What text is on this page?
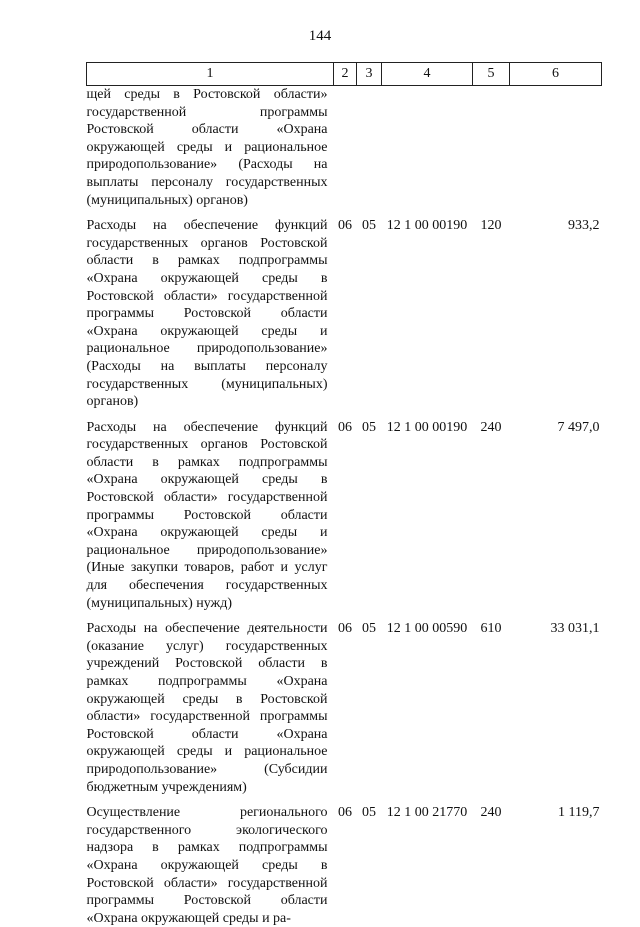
144
1	2	3	4	5	6
щей среды в Ростовской области» государственной программы Ростовской области «Охрана окружающей среды и рациональное природопользование» (Расходы на выплаты персоналу государственных (муниципальных) органов)					
Расходы на обеспечение функций государственных органов Ростовской области в рамках подпрограммы «Охрана окружающей среды в Ростовской области» государственной программы Ростовской области «Охрана окружающей среды и рациональное природопользование» (Расходы на выплаты персоналу государственных (муниципальных) органов)	06	05	12 1 00 00190	120	933,2
Расходы на обеспечение функций государственных органов Ростовской области в рамках подпрограммы «Охрана окружающей среды в Ростовской области» государственной программы Ростовской области «Охрана окружающей среды и рациональное природопользование» (Иные закупки товаров, работ и услуг для обеспечения государственных (муниципальных) нужд)	06	05	12 1 00 00190	240	7 497,0
Расходы на обеспечение деятельности (оказание услуг) государственных учреждений Ростовской области в рамках подпрограммы «Охрана окружающей среды в Ростовской области» государственной программы Ростовской области «Охрана окружающей среды и рациональное природопользование» (Субсидии бюджетным учреждениям)	06	05	12 1 00 00590	610	33 031,1
Осуществление регионального государственного экологического надзора в рамках подпрограммы «Охрана окружающей среды в Ростовской области» государственной программы Ростовской области «Охрана окружающей среды и ра-	06	05	12 1 00 21770	240	1 119,7
